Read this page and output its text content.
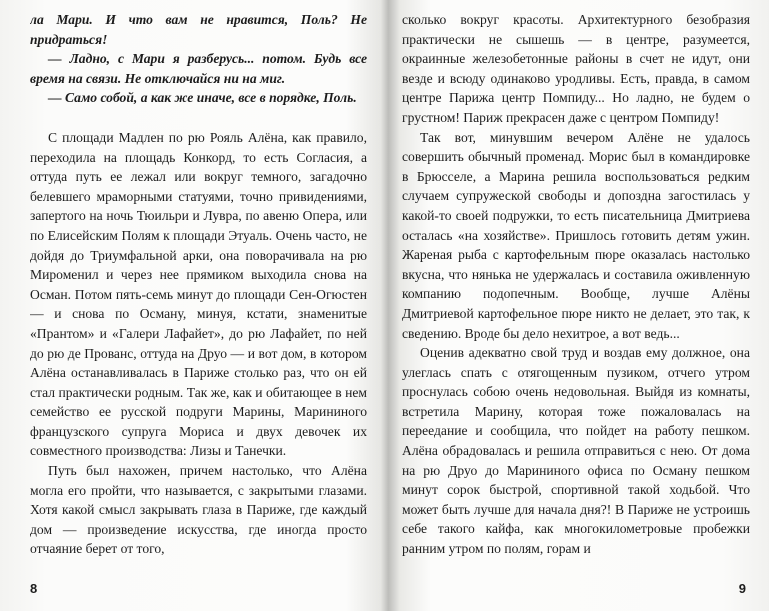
ла Мари. И что вам не нравится, Поль? Не придраться!

— Ладно, с Мари я разберусь... потом. Будь все время на связи. Не отключайся ни на миг.

— Само собой, а как же иначе, все в порядке, Поль.

С площади Мадлен по рю Рояль Алёна, как правило, переходила на площадь Конкорд, то есть Согласия, а оттуда путь ее лежал или вокруг темного, загадочно белевшего мраморными статуями, точно привидениями, запертого на ночь Тюильри и Лувра, по авеню Опера, или по Елисейским Полям к площади Этуаль. Очень часто, не дойдя до Триумфальной арки, она поворачивала на рю Мироменил и через нее прямиком выходила снова на Осман. Потом пять-семь минут до площади Сен-Огюстен — и снова по Осману, минуя, кстати, знаменитые «Прантом» и «Галери Лафайет», до рю Лафайет, по ней до рю де Прованс, оттуда на Друо — и вот дом, в котором Алёна останавливалась в Париже столько раз, что он ей стал практически родным. Так же, как и обитающее в нем семейство ее русской подруги Марины, Марининого французского супруга Мориса и двух девочек их совместного производства: Лизы и Танечки.

Путь был нахожен, причем настолько, что Алёна могла его пройти, что называется, с закрытыми глазами. Хотя какой смысл закрывать глаза в Париже, где каждый дом — произведение искусства, где иногда просто отчаяние берет от того,

8

сколько вокруг красоты. Архитектурного безобразия практически не сышешь — в центре, разумеется, окраинные железобетонные районы в счет не идут, они везде и всюду одинаково уродливы. Есть, правда, в самом центре Парижа центр Помпиду... Но ладно, не будем о грустном! Париж прекрасен даже с центром Помпиду!

Так вот, минувшим вечером Алёне не удалось совершить обычный променад. Морис был в командировке в Брюсселе, а Марина решила воспользоваться редким случаем супружеской свободы и допоздна загостилась у какой-то своей подружки, то есть писательница Дмитриева осталась «на хозяйстве». Пришлось готовить детям ужин. Жареная рыба с картофельным пюре оказалась настолько вкусна, что нянька не удержалась и составила оживленную компанию подопечным. Вообще, лучше Алёны Дмитриевой картофельное пюре никто не делает, это так, к сведению. Вроде бы дело нехитрое, а вот ведь...

Оценив адекватно свой труд и воздав ему должное, она улеглась спать с отягощенным пузиком, отчего утром проснулась собою очень недовольная. Выйдя из комнаты, встретила Марину, которая тоже пожаловалась на переедание и сообщила, что пойдет на работу пешком. Алёна обрадовалась и решила отправиться с нею. От дома на рю Друо до Марининого офиса по Осману пешком минут сорок быстрой, спортивной такой ходьбой. Что может быть лучше для начала дня?! В Париже не устроишь себе такого кайфа, как многокилометровые пробежки ранним утром по полям, горам и

9
